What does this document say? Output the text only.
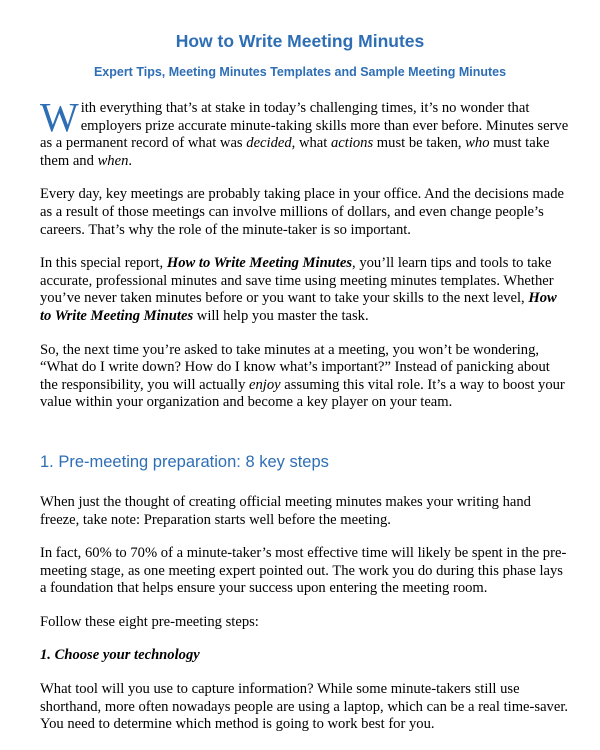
How to Write Meeting Minutes
Expert Tips, Meeting Minutes Templates and Sample Meeting Minutes

With everything that’s at stake in today’s challenging times, it’s no wonder that employers prize accurate minute-taking skills more than ever before. Minutes serve as a permanent record of what was decided, what actions must be taken, who must take them and when.

Every day, key meetings are probably taking place in your office. And the decisions made as a result of those meetings can involve millions of dollars, and even change people’s careers. That’s why the role of the minute-taker is so important.

In this special report, How to Write Meeting Minutes, you’ll learn tips and tools to take accurate, professional minutes and save time using meeting minutes templates. Whether you’ve never taken minutes before or you want to take your skills to the next level, How to Write Meeting Minutes will help you master the task.

So, the next time you’re asked to take minutes at a meeting, you won’t be wondering, “What do I write down? How do I know what’s important?” Instead of panicking about the responsibility, you will actually enjoy assuming this vital role. It’s a way to boost your value within your organization and become a key player on your team.

1. Pre-meeting preparation: 8 key steps

When just the thought of creating official meeting minutes makes your writing hand freeze, take note: Preparation starts well before the meeting.

In fact, 60% to 70% of a minute-taker’s most effective time will likely be spent in the pre-meeting stage, as one meeting expert pointed out. The work you do during this phase lays a foundation that helps ensure your success upon entering the meeting room.

Follow these eight pre-meeting steps:

1. Choose your technology

What tool will you use to capture information? While some minute-takers still use shorthand, more often nowadays people are using a laptop, which can be a real time-saver. You need to determine which method is going to work best for you.
